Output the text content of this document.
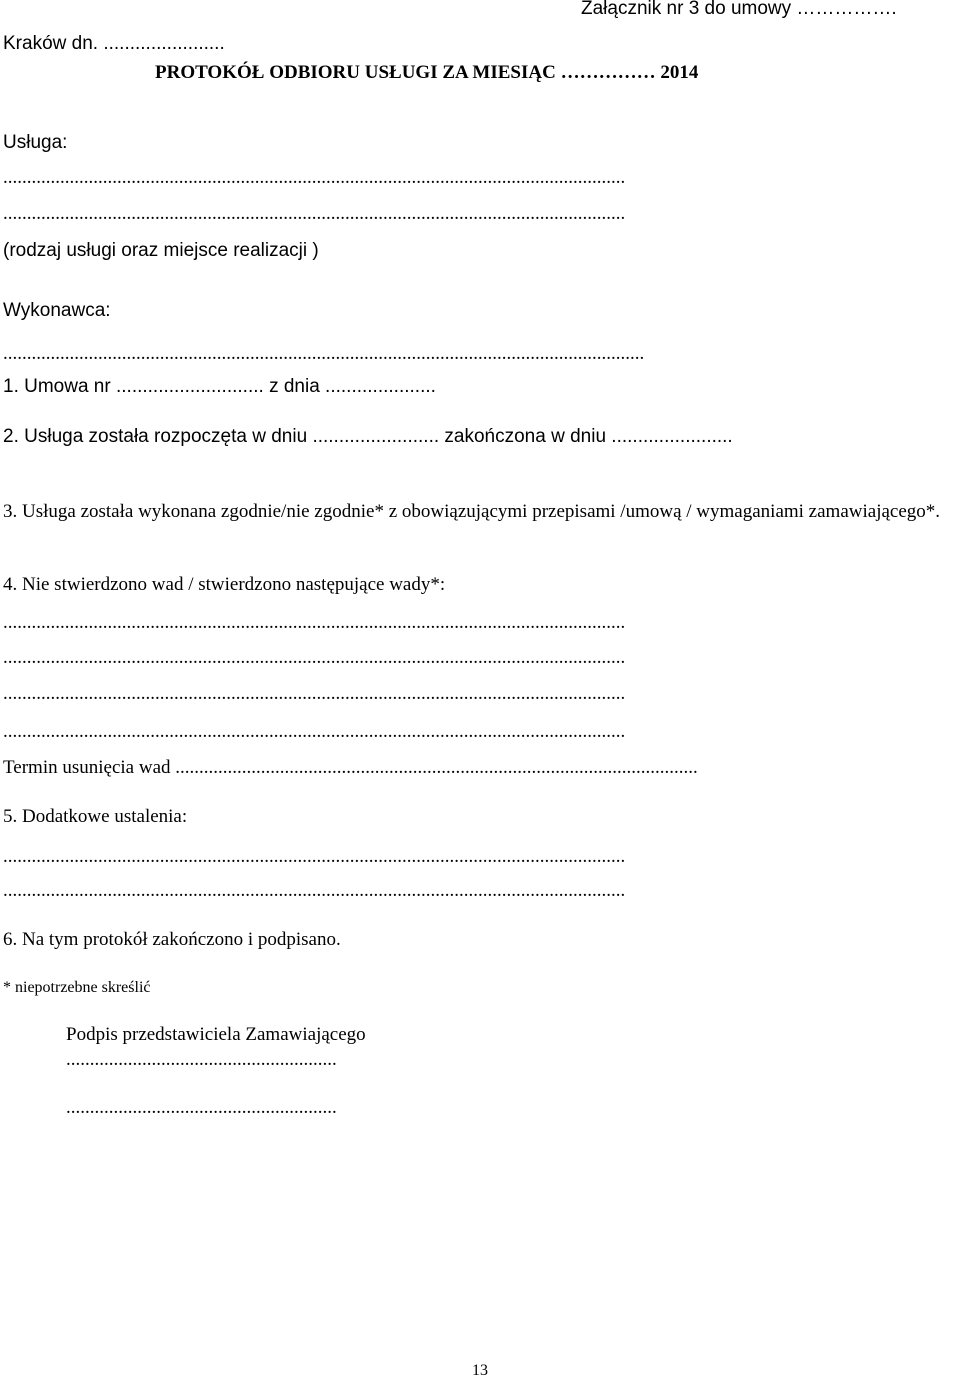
Załącznik nr 3 do umowy …………….

Kraków dn. .......................

PROTOKÓŁ ODBIORU USŁUGI ZA MIESIĄC …………… 2014

Usługa:

...................................................................................................................................

...................................................................................................................................

(rodzaj usługi oraz miejsce realizacji )

Wykonawca:

.......................................................................................................................................

1. Umowa nr ............................ z dnia .....................

2. Usługa została rozpoczęta w dniu ........................ zakończona w dniu .......................

3. Usługa została wykonana zgodnie/nie zgodnie* z obowiązującymi przepisami /umową / wymaganiami zamawiającego*.

4. Nie stwierdzono wad / stwierdzono następujące wady*:

...................................................................................................................................

...................................................................................................................................

...................................................................................................................................

...................................................................................................................................

Termin usunięcia wad ..............................................................................................................

5. Dodatkowe ustalenia:

...................................................................................................................................

...................................................................................................................................

6. Na tym protokół zakończono i podpisano.

* niepotrzebne skreślić

Podpis przedstawiciela Zamawiającego

.........................................................

.........................................................

13
